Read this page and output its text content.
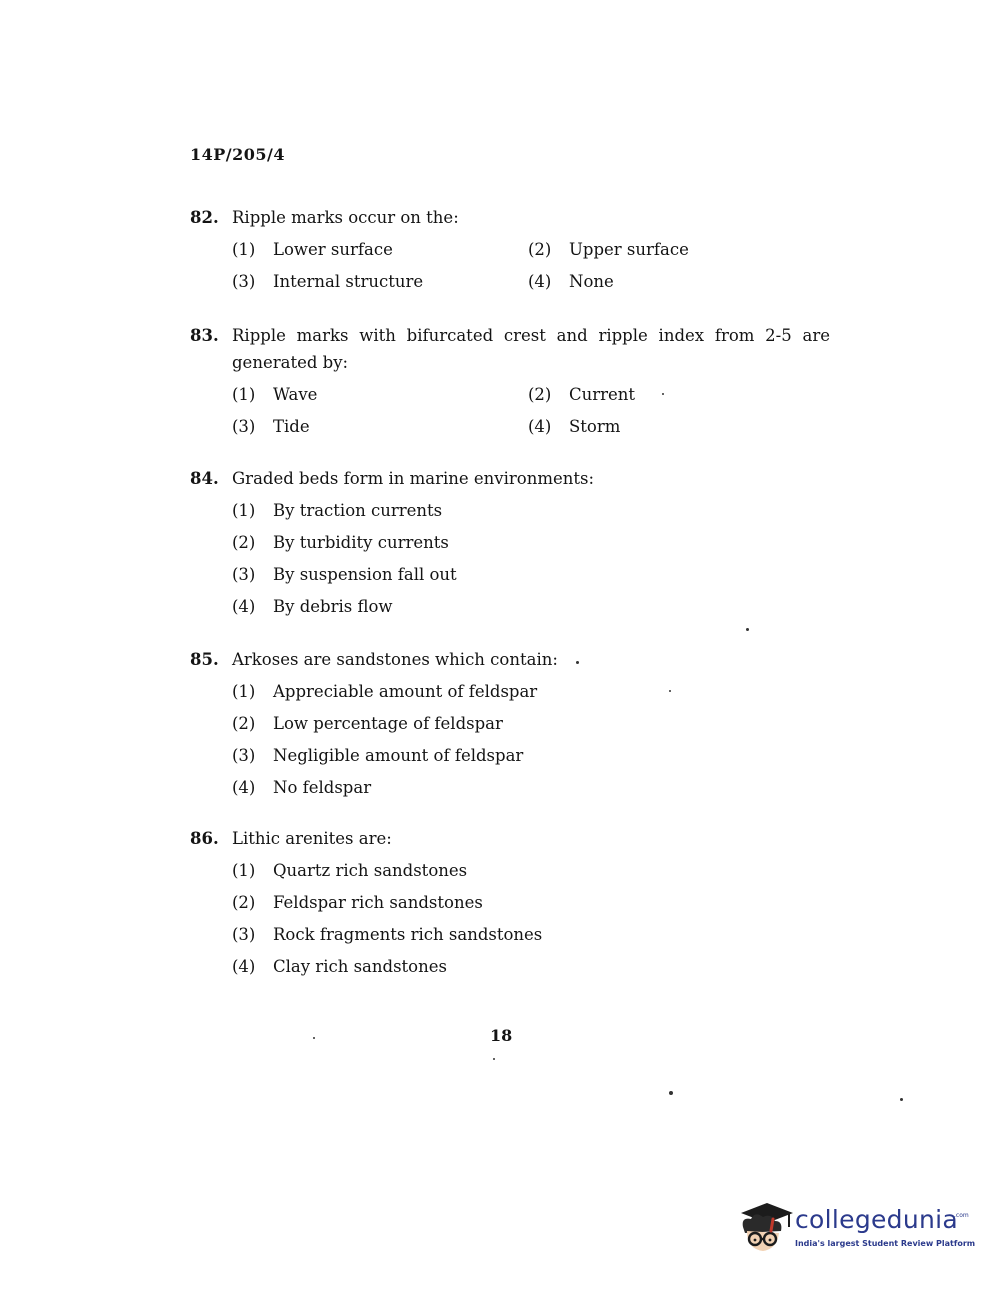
14P/205/4
82. Ripple marks occur on the:
(1)	Lower surface	(2)	Upper surface
(3)	Internal structure	(4)	None
83. Ripple marks with bifurcated crest and ripple index from 2-5 are generated by:
(1)	Wave	(2)	Current
(3)	Tide	(4)	Storm
84. Graded beds form in marine environments:
(1)	By traction currents
(2)	By turbidity currents
(3)	By suspension fall out
(4)	By debris flow
85. Arkoses are sandstones which contain:
(1)	Appreciable amount of feldspar
(2)	Low percentage of feldspar
(3)	Negligible amount of feldspar
(4)	No feldspar
86. Lithic arenites are:
(1)	Quartz rich sandstones
(2)	Feldspar rich sandstones
(3)	Rock fragments rich sandstones
(4)	Clay rich sandstones
18
collegedunia
.com
India's largest Student Review Platform
